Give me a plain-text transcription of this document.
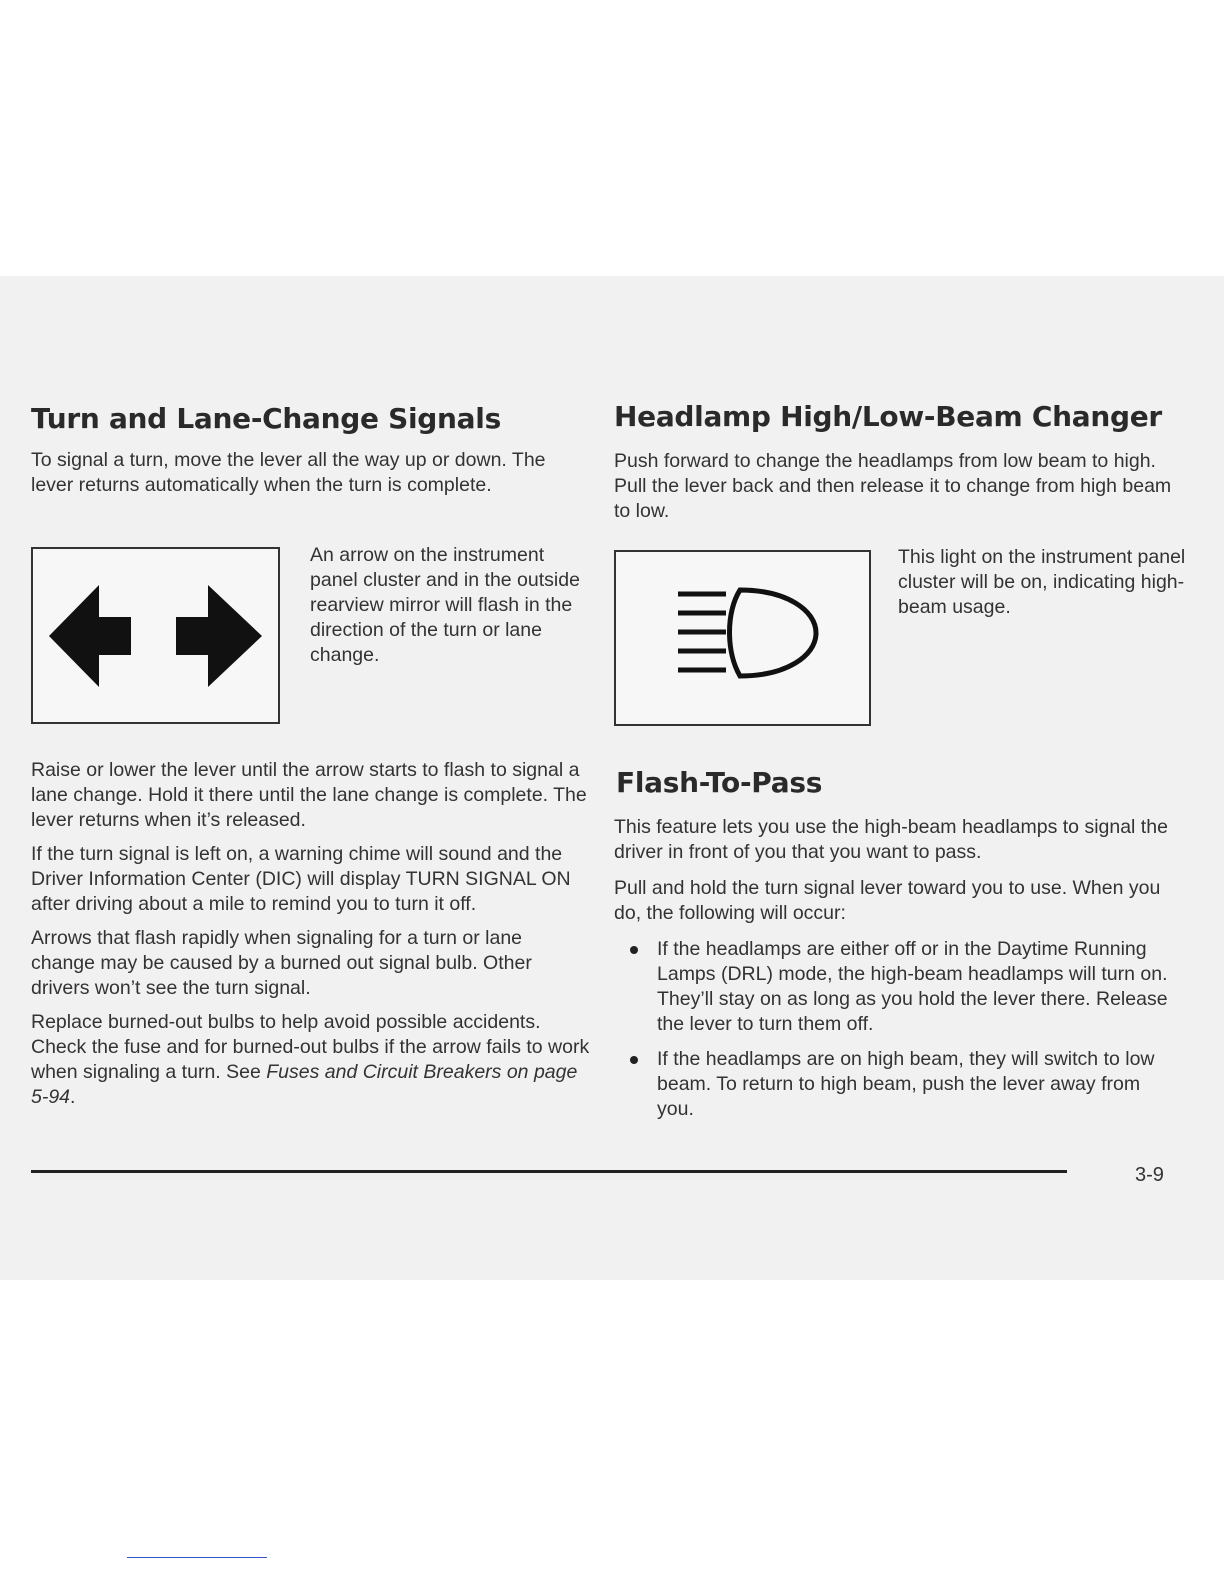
Turn and Lane-Change Signals

To signal a turn, move the lever all the way up or down. The lever returns automatically when the turn is complete.

An arrow on the instrument panel cluster and in the outside rearview mirror will flash in the direction of the turn or lane change.

Raise or lower the lever until the arrow starts to flash to signal a lane change. Hold it there until the lane change is complete. The lever returns when it’s released.

If the turn signal is left on, a warning chime will sound and the Driver Information Center (DIC) will display TURN SIGNAL ON after driving about a mile to remind you to turn it off.

Arrows that flash rapidly when signaling for a turn or lane change may be caused by a burned out signal bulb. Other drivers won’t see the turn signal.

Replace burned-out bulbs to help avoid possible accidents. Check the fuse and for burned-out bulbs if the arrow fails to work when signaling a turn. See Fuses and Circuit Breakers on page 5-94.

Headlamp High/Low-Beam Changer

Push forward to change the headlamps from low beam to high. Pull the lever back and then release it to change from high beam to low.

This light on the instrument panel cluster will be on, indicating high-beam usage.

Flash-To-Pass

This feature lets you use the high-beam headlamps to signal the driver in front of you that you want to pass.

Pull and hold the turn signal lever toward you to use. When you do, the following will occur:

If the headlamps are either off or in the Daytime Running Lamps (DRL) mode, the high-beam headlamps will turn on. They’ll stay on as long as you hold the lever there. Release the lever to turn them off.
If the headlamps are on high beam, they will switch to low beam. To return to high beam, push the lever away from you.
3-9
